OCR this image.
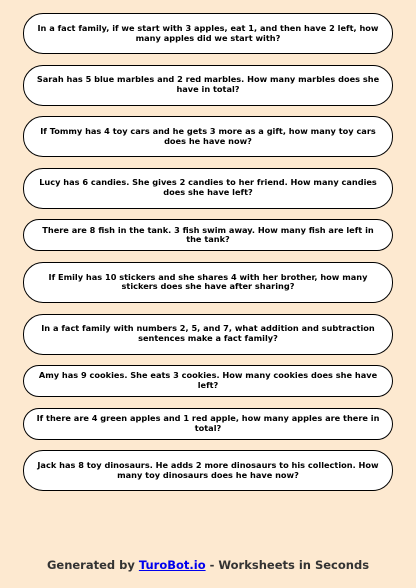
In a fact family, if we start with 3 apples, eat 1, and then have 2 left, how many apples did we start with?
Sarah has 5 blue marbles and 2 red marbles. How many marbles does she have in total?
If Tommy has 4 toy cars and he gets 3 more as a gift, how many toy cars does he have now?
Lucy has 6 candies. She gives 2 candies to her friend. How many candies does she have left?
There are 8 fish in the tank. 3 fish swim away. How many fish are left in the tank?
If Emily has 10 stickers and she shares 4 with her brother, how many stickers does she have after sharing?
In a fact family with numbers 2, 5, and 7, what addition and subtraction sentences make a fact family?
Amy has 9 cookies. She eats 3 cookies. How many cookies does she have left?
If there are 4 green apples and 1 red apple, how many apples are there in total?
Jack has 8 toy dinosaurs. He adds 2 more dinosaurs to his collection. How many toy dinosaurs does he have now?
Generated by TuroBot.io - Worksheets in Seconds
